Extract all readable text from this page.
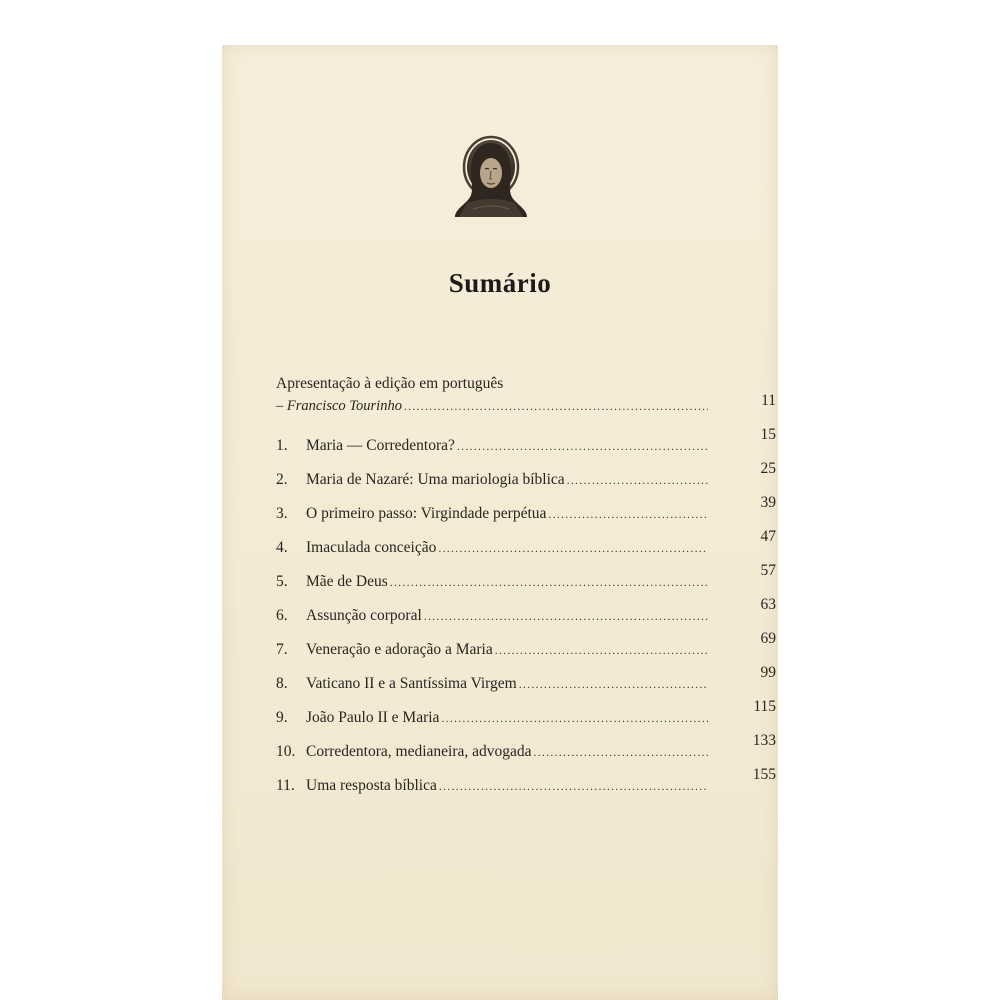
Sumário
Apresentação à edição em português
– Francisco Tourinho
.....	11
1.	Maria — Corredentora?
.....
15
2.	Maria de Nazaré: Uma mariologia bíblica
.....
25
3.	O primeiro passo: Virgindade perpétua
.....
39
4.	Imaculada conceição
.....
47
5.	Mãe de Deus
.....
57
6.	Assunção corporal
.....
63
7.	Veneração e adoração a Maria
.....
69
8.	Vaticano II e a Santíssima Virgem
.....
99
9.	João Paulo II e Maria
.....
115
10. Corredentora, medianeira, advogada
.....
133
11. Uma resposta bíblica
.....
155
